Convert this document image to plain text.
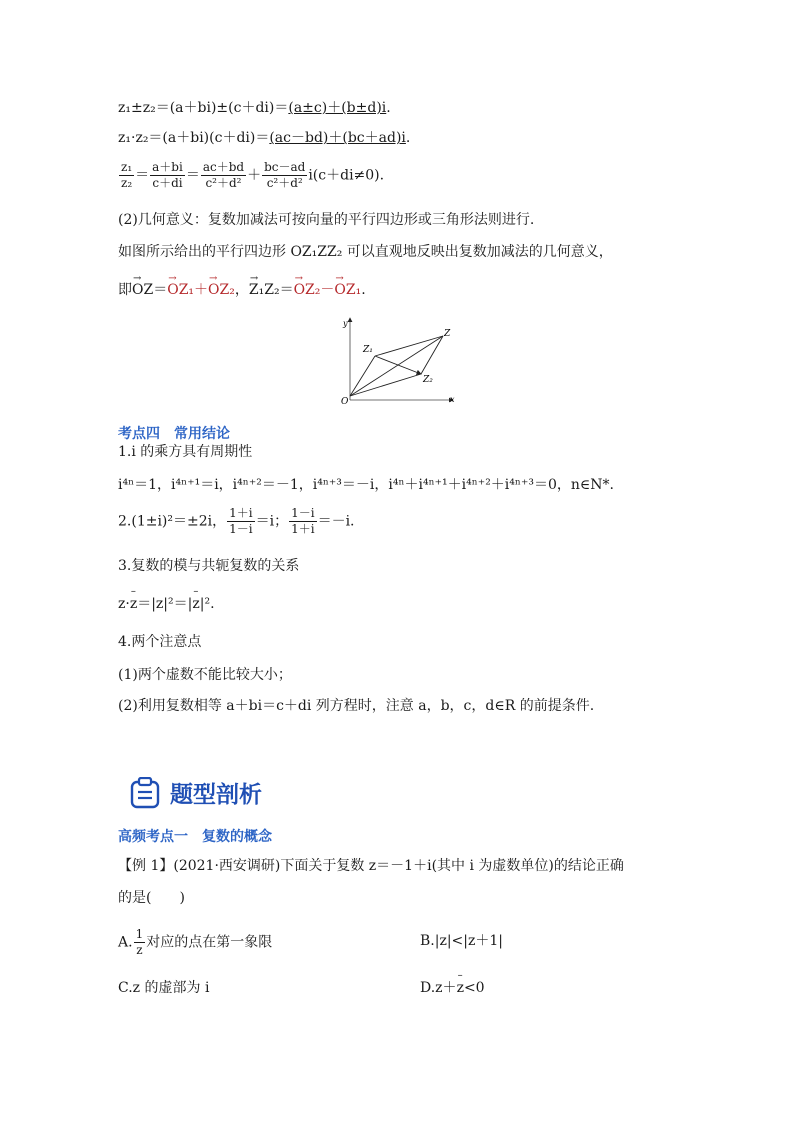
z₁±z₂＝(a＋bi)±(c＋di)＝(a±c)＋(b±d)i.
z₁·z₂＝(a＋bi)(c＋di)＝(ac－bd)＋(bc＋ad)i.
$\frac{\text{z₁}}{\text{z₂}} = \frac{a+bi}{c+di} = \frac{ac+bd}{\text{c²＋d²}} + \frac{bc-ad}{\text{c²＋d²}} i(c+di\ne 0)$.
(2)几何意义：复数加减法可按向量的平行四边形或三角形法则进行.
如图所示给出的平行四边形 OZ₁ZZ₂ 可以直观地反映出复数加减法的几何意义，
即→ OZ＝→ OZ₁＋→ OZ₂，→ Z₁Z₂＝→ OZ₂－→ OZ₁.
y
x
O
Z
Z₁
Z₂
考点四　常用结论
1.i 的乘方具有周期性
i⁴ⁿ＝1，i⁴ⁿ⁺¹＝i，i⁴ⁿ⁺²＝－1，i⁴ⁿ⁺³＝－i，i⁴ⁿ＋i⁴ⁿ⁺¹＋i⁴ⁿ⁺²＋i⁴ⁿ⁺³＝0，n∈N*.
2.(1±i)²＝±2i， $\frac{1+i}{1-i} =i$； $\frac{1-i}{1+i} =-i$.
3.复数的模与共轭复数的关系
z·– z＝|z|²＝|– z|².
4.两个注意点
(1)两个虚数不能比较大小；
(2)利用复数相等 a＋bi＝c＋di 列方程时，注意 a，b，c，d∈R 的前提条件.
题型剖析
高频考点一　复数的概念
【例 1】(2021·西安调研)下面关于复数 z＝－1＋i(其中 i 为虚数单位)的结论正确
的是(　　)
A. $\frac{1}{z}$ 对应的点在第一象限	B.|z|<|z＋1|
C.z 的虚部为 i	D.z＋– z<0
